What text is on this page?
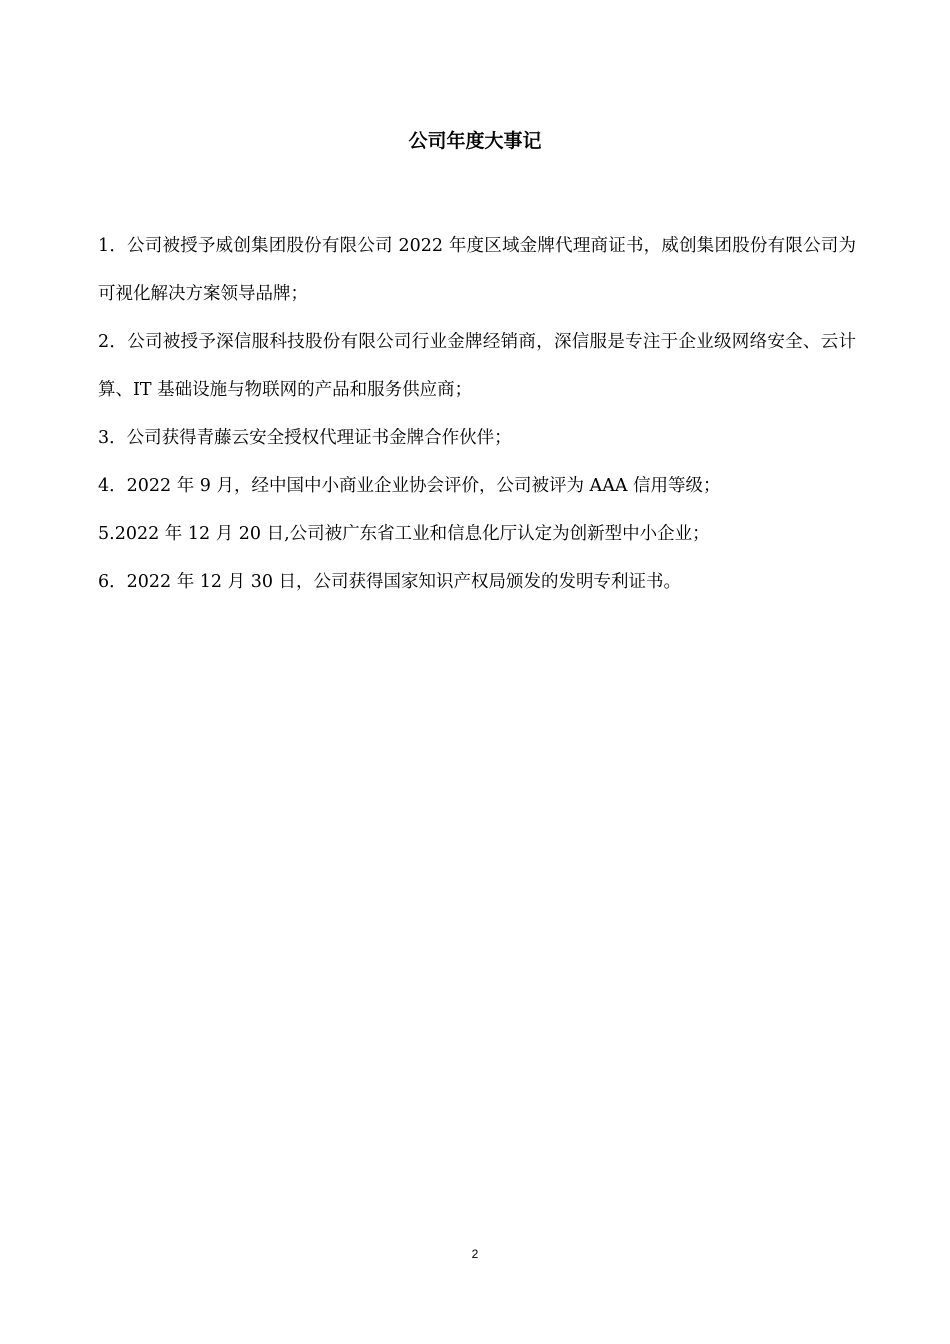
公司年度大事记
1．公司被授予威创集团股份有限公司 2022 年度区域金牌代理商证书，威创集团股份有限公司为可视化解决方案领导品牌；
2．公司被授予深信服科技股份有限公司行业金牌经销商，深信服是专注于企业级网络安全、云计算、IT 基础设施与物联网的产品和服务供应商；
3．公司获得青藤云安全授权代理证书金牌合作伙伴；
4．2022 年 9 月，经中国中小商业企业协会评价，公司被评为 AAA 信用等级；
5.2022 年 12 月 20 日,公司被广东省工业和信息化厅认定为创新型中小企业；
6．2022 年 12 月 30 日，公司获得国家知识产权局颁发的发明专利证书。
2
